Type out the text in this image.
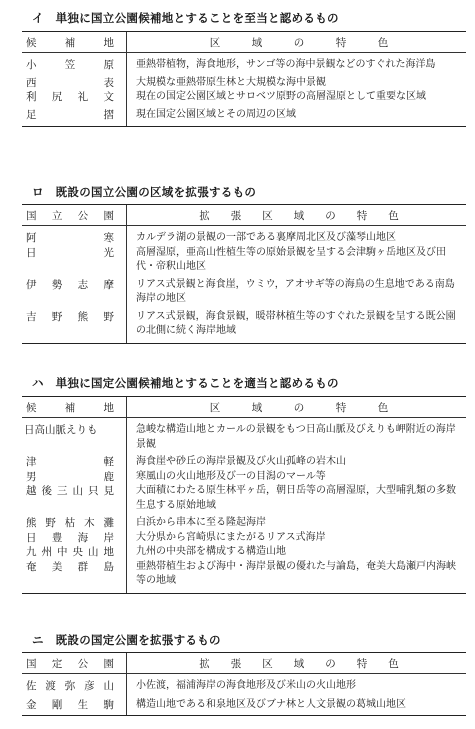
イ　単独に国立公園候補地とすることを至当と認めるもの
候　補　地	区　　　域　　　の　　　特　　　色
小　笠　原 亜熱帯植物，海食地形，サンゴ等の海中景観などのすぐれた海洋島
西　　　表 大規模な亜熱帯原生林と大規模な海中景観
利尻礼文 現在の国定公園区域とサロベツ原野の高層湿原として重要な区域
足　　　摺 現在国定公園区域とその周辺の区域
ロ　既設の国立公園の区域を拡張するもの
国　立　公　園	拡　　張　　区　　域　　の　　特　　色
阿　　　寒 カルデラ湖の景観の一部である裏摩周北区及び藻琴山地区
日　　　光 高層湿原，亜高山性植生等の原始景観を呈する会津駒ヶ岳地区及び田代・帝釈山地区
伊勢志摩 リアス式景観と海食崖，ウミウ，アオサギ等の海鳥の生息地である南島海岸の地区
吉野熊野 リアス式景観，海食景観，暖帯林植生等のすぐれた景観を呈する既公園の北側に続く海岸地域
ハ　単独に国定公園候補地とすることを適当と認めるもの
候　補　地	区　　　域　　　の　　　特　　　色
日高山脈えりも	急峻な構造山地とカールの景観をもつ日高山脈及びえりも岬附近の海岸景観
津　　　軽 海食崖や砂丘の海岸景観及び火山孤峰の岩木山
男　　　鹿 寒風山の火山地形及び一の目潟のマール等
越後三山只見 大面積にわたる原生林平ヶ岳，朝日岳等の高層湿原，大型哺乳類の多数生息する原始地域
熊野枯木灘 白浜から串本に至る隆起海岸
日　豊　海　岸 大分県から宮崎県にまたがるリアス式海岸
九州中央山地 九州の中央部を構成する構造山地
奄　美　群　島 亜熱帯植生および海中・海岸景観の優れた与論島，奄美大島瀬戸内海峡等の地域
ニ　既設の国定公園を拡張するもの
国　定　公　園	拡　　張　　区　　域　　の　　特　　色
佐渡弥彦山 小佐渡，福浦海岸の海食地形及び米山の火山地形
金　剛　生　駒 構造山地である和泉地区及びブナ林と人文景観の葛城山地区
